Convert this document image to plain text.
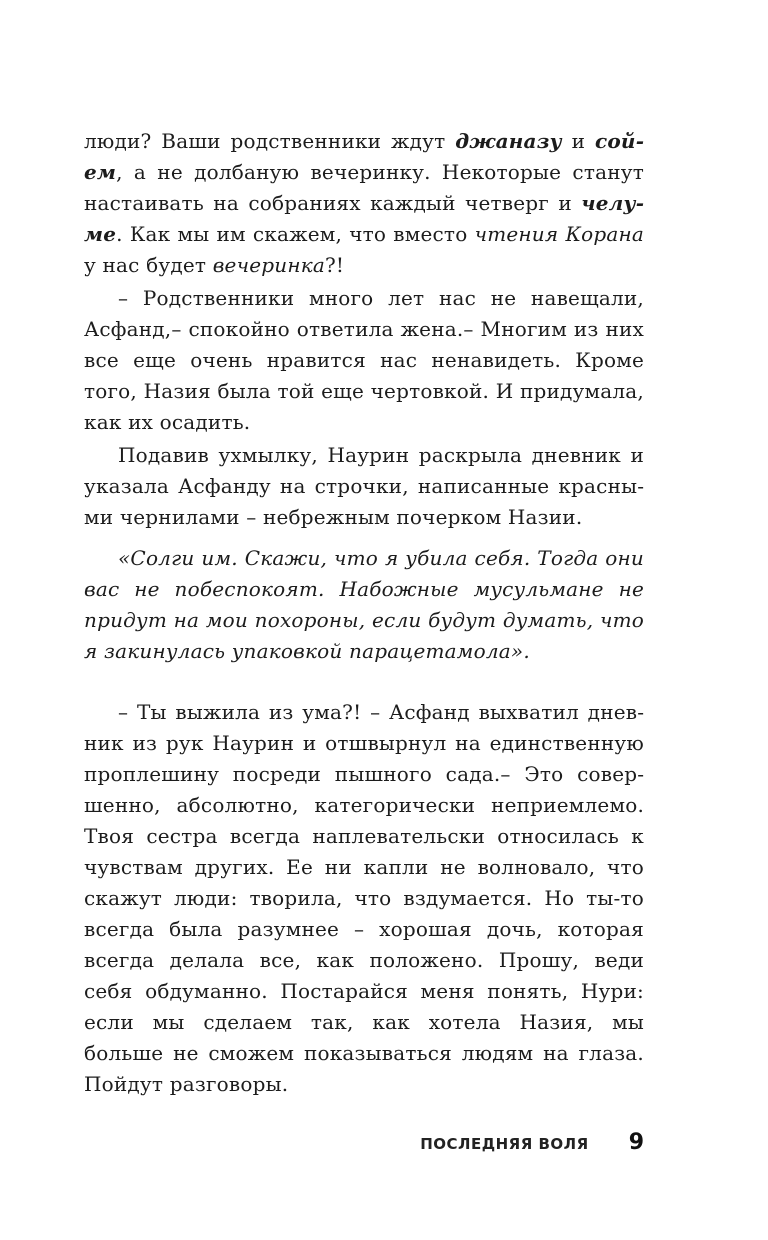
люди? Ваши родственники ждут джаназу и сойем, а не долбаную вечеринку. Некоторые станут настаивать на собраниях каждый четверг и челуме. Как мы им скажем, что вместо чтения Корана у нас будет вечеринка?!

– Родственники много лет нас не навещали, Асфанд,– спокойно ответила жена.– Многим из них все еще очень нравится нас ненавидеть. Кроме того, Назия была той еще чертовкой. И придумала, как их осадить.

Подавив ухмылку, Наурин раскрыла дневник и указала Асфанду на строчки, написанные красными чернилами – небрежным почерком Назии.

«Солги им. Скажи, что я убила себя. Тогда они вас не побеспокоят. Набожные мусульмане не придут на мои похороны, если будут думать, что я закинулась упаковкой парацетамола».

– Ты выжила из ума?! – Асфанд выхватил дневник из рук Наурин и отшвырнул на единственную проплешину посреди пышного сада.– Это совершенно, абсолютно, категорически неприемлемо. Твоя сестра всегда наплевательски относилась к чувствам других. Ее ни капли не волновало, что скажут люди: творила, что вздумается. Но ты-то всегда была разумнее – хорошая дочь, которая всегда делала все, как положено. Прошу, веди себя обдуманно. Постарайся меня понять, Нури: если мы сделаем так, как хотела Назия, мы больше не сможем показываться людям на глаза. Пойдут разговоры.

ПОСЛЕДНЯЯ ВОЛЯ 9
